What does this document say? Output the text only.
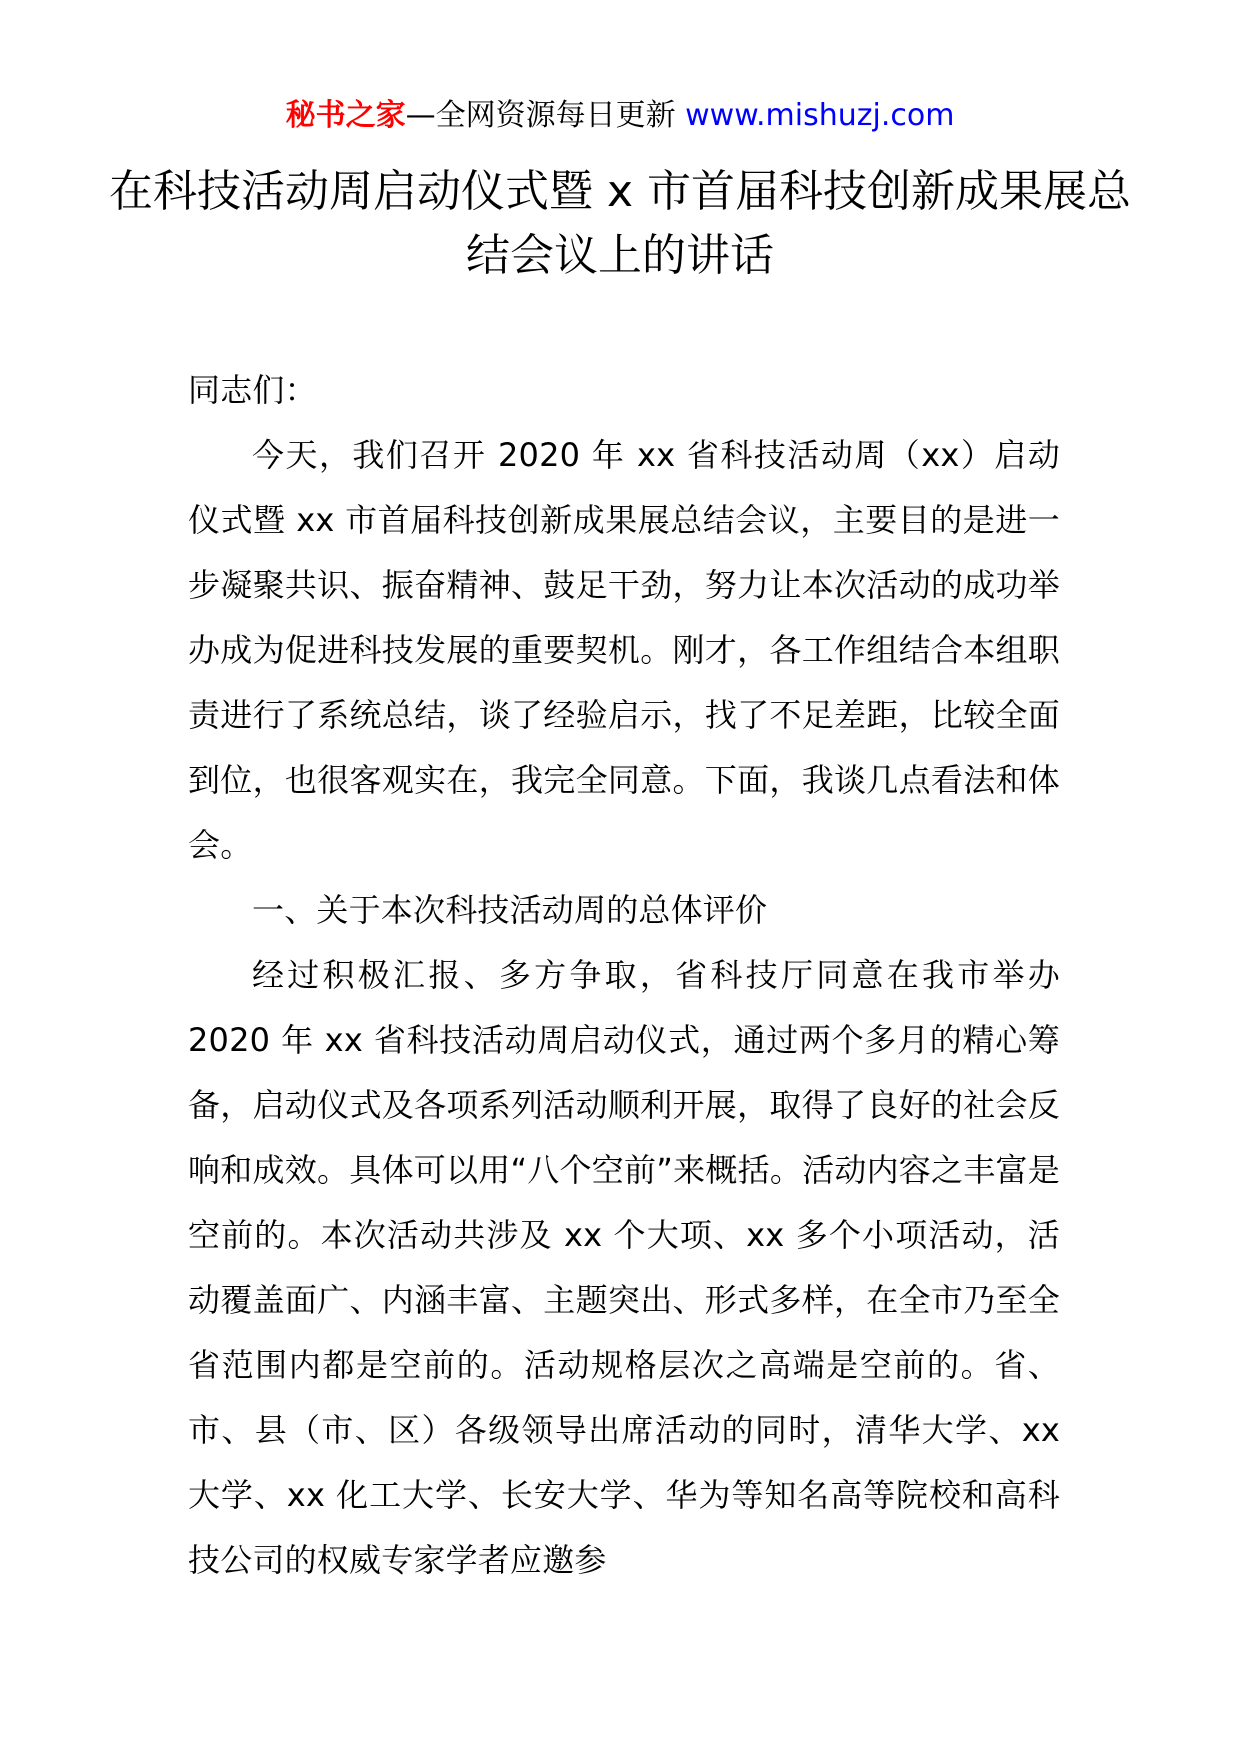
秘书之家—全网资源每日更新 www.mishuzj.com
在科技活动周启动仪式暨 x 市首届科技创新成果展总结会议上的讲话

同志们：

今天，我们召开 2020 年 xx 省科技活动周（xx）启动仪式暨 xx 市首届科技创新成果展总结会议，主要目的是进一步凝聚共识、振奋精神、鼓足干劲，努力让本次活动的成功举办成为促进科技发展的重要契机。刚才，各工作组结合本组职责进行了系统总结，谈了经验启示，找了不足差距，比较全面到位，也很客观实在，我完全同意。下面，我谈几点看法和体会。

一、关于本次科技活动周的总体评价

经过积极汇报、多方争取，省科技厅同意在我市举办 2020 年 xx 省科技活动周启动仪式，通过两个多月的精心筹备，启动仪式及各项系列活动顺利开展，取得了良好的社会反响和成效。具体可以用“八个空前”来概括。活动内容之丰富是空前的。本次活动共涉及 xx 个大项、xx 多个小项活动，活动覆盖面广、内涵丰富、主题突出、形式多样，在全市乃至全省范围内都是空前的。活动规格层次之高端是空前的。省、市、县（市、区）各级领导出席活动的同时，清华大学、xx 大学、xx 化工大学、长安大学、华为等知名高等院校和高科技公司的权威专家学者应邀参
